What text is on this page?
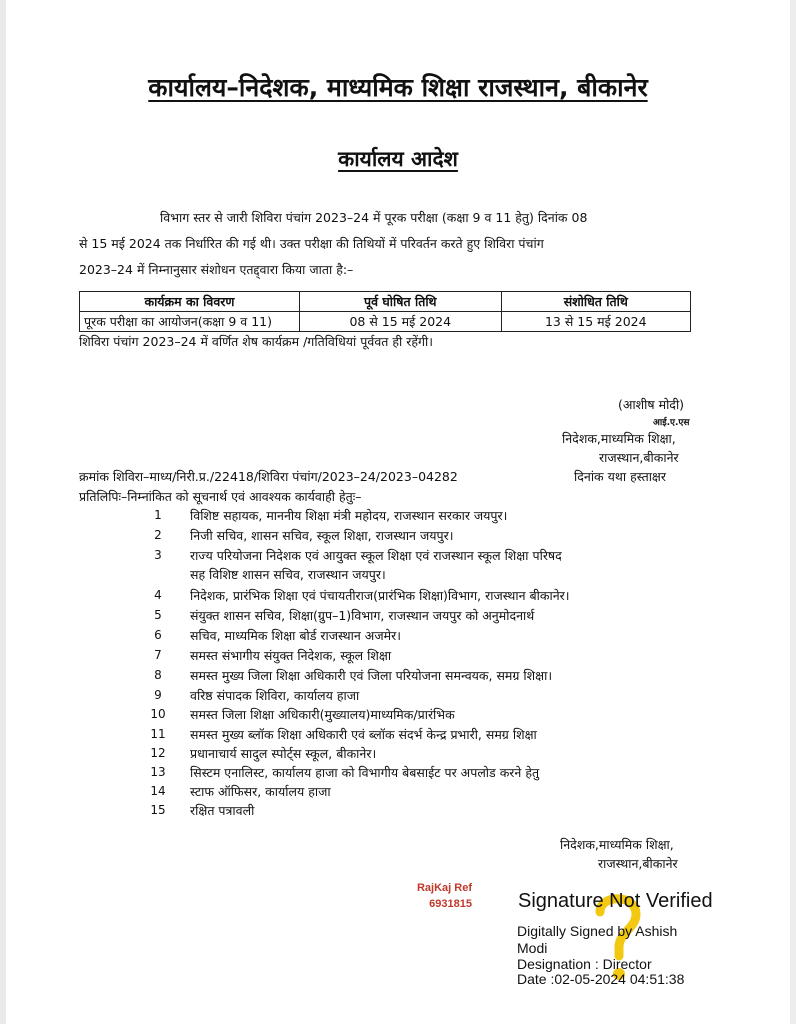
कार्यालय–निदेशक, माध्यमिक शिक्षा राजस्थान, बीकानेर
कार्यालय आदेश
विभाग स्तर से जारी शिविरा पंचांग 2023–24 में पूरक परीक्षा (कक्षा 9 व 11 हेतु) दिनांक 08
से 15 मई 2024 तक निर्धारित की गई थी। उक्त परीक्षा की तिथियों में परिवर्तन करते हुए शिविरा पंचांग
2023–24 में निम्नानुसार संशोधन एतद्द्वारा किया जाता है:–
कार्यक्रम का विवरण	पूर्व घोषित तिथि	संशोधित तिथि
पूरक परीक्षा का आयोजन(कक्षा 9 व 11)	08 से 15 मई 2024	13 से 15 मई 2024
शिविरा पंचांग 2023–24 में वर्णित शेष कार्यक्रम /गतिविधियां पूर्ववत ही रहेंगी।
(आशीष मोदी)
आई.ए.एस
निदेशक,माध्यमिक शिक्षा,
राजस्थान,बीकानेर
क्रमांक शिविरा–माध्य/निरी.प्र./22418/शिविरा पंचांग/2023–24/2023–04282	दिनांक यथा हस्ताक्षर
प्रतिलिपिः–निम्नांकित को सूचनार्थ एवं आवश्यक कार्यवाही हेतुः–
1	विशिष्ट सहायक, माननीय शिक्षा मंत्री महोदय, राजस्थान सरकार जयपुर।
2	निजी सचिव, शासन सचिव, स्कूल शिक्षा, राजस्थान जयपुर।
3	राज्य परियोजना निदेशक एवं आयुक्त स्कूल शिक्षा एवं राजस्थान स्कूल शिक्षा परिषद
सह विशिष्ट शासन सचिव, राजस्थान जयपुर।
4	निदेशक, प्रारंभिक शिक्षा एवं पंचायतीराज(प्रारंभिक शिक्षा)विभाग, राजस्थान बीकानेर।
5	संयुक्त शासन सचिव, शिक्षा(ग्रुप–1)विभाग, राजस्थान जयपुर को अनुमोदनार्थ
6	सचिव, माध्यमिक शिक्षा बोर्ड राजस्थान अजमेर।
7	समस्त संभागीय संयुक्त निदेशक, स्कूल शिक्षा
8	समस्त मुख्य जिला शिक्षा अधिकारी एवं जिला परियोजना समन्वयक, समग्र शिक्षा।
9	वरिष्ठ संपादक शिविरा, कार्यालय हाजा
10 समस्त जिला शिक्षा अधिकारी(मुख्यालय)माध्यमिक/प्रारंभिक
11 समस्त मुख्य ब्लॉक शिक्षा अधिकारी एवं ब्लॉक संदर्भ केन्द्र प्रभारी, समग्र शिक्षा
12 प्रधानाचार्य सादुल स्पोर्ट्स स्कूल, बीकानेर।
13 सिस्टम एनालिस्ट, कार्यालय हाजा को विभागीय बेबसाईट पर अपलोड करने हेतु
14 स्टाफ ऑफिसर, कार्यालय हाजा
15 रक्षित पत्रावली
निदेशक,माध्यमिक शिक्षा,
राजस्थान,बीकानेर
RajKaj Ref
6931815 Signature Not Verified
Digitally Signed by Ashish
Modi
Designation : Director
Date :02-05-2024 04:51:38
